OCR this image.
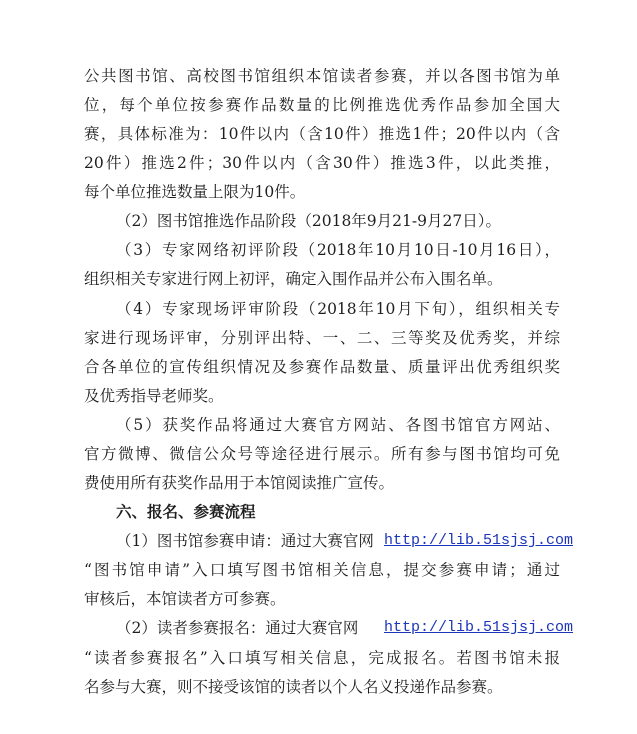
公共图书馆、高校图书馆组织本馆读者参赛，并以各图书馆为单
位，每个单位按参赛作品数量的比例推选优秀作品参加全国大
赛，具体标准为：10件以内（含10件）推选1件；20件以内（含
20件）推选2件；30件以内（含30件）推选3件，以此类推，
每个单位推选数量上限为10件。
（2）图书馆推选作品阶段（2018年9月21-9月27日）。
（3）专家网络初评阶段（2018年10月10日-10月16日），
组织相关专家进行网上初评，确定入围作品并公布入围名单。
（4）专家现场评审阶段（2018年10月下旬），组织相关专
家进行现场评审，分别评出特、一、二、三等奖及优秀奖，并综
合各单位的宣传组织情况及参赛作品数量、质量评出优秀组织奖
及优秀指导老师奖。
（5）获奖作品将通过大赛官方网站、各图书馆官方网站、
官方微博、微信公众号等途径进行展示。所有参与图书馆均可免
费使用所有获奖作品用于本馆阅读推广宣传。
六、报名、参赛流程
（1）图书馆参赛申请：通过大赛官网 http://lib.51sjsj.com
“图书馆申请”入口填写图书馆相关信息，提交参赛申请；通过
审核后，本馆读者方可参赛。
（2）读者参赛报名：通过大赛官网 http://lib.51sjsj.com
“读者参赛报名”入口填写相关信息，完成报名。若图书馆未报
名参与大赛，则不接受该馆的读者以个人名义投递作品参赛。
